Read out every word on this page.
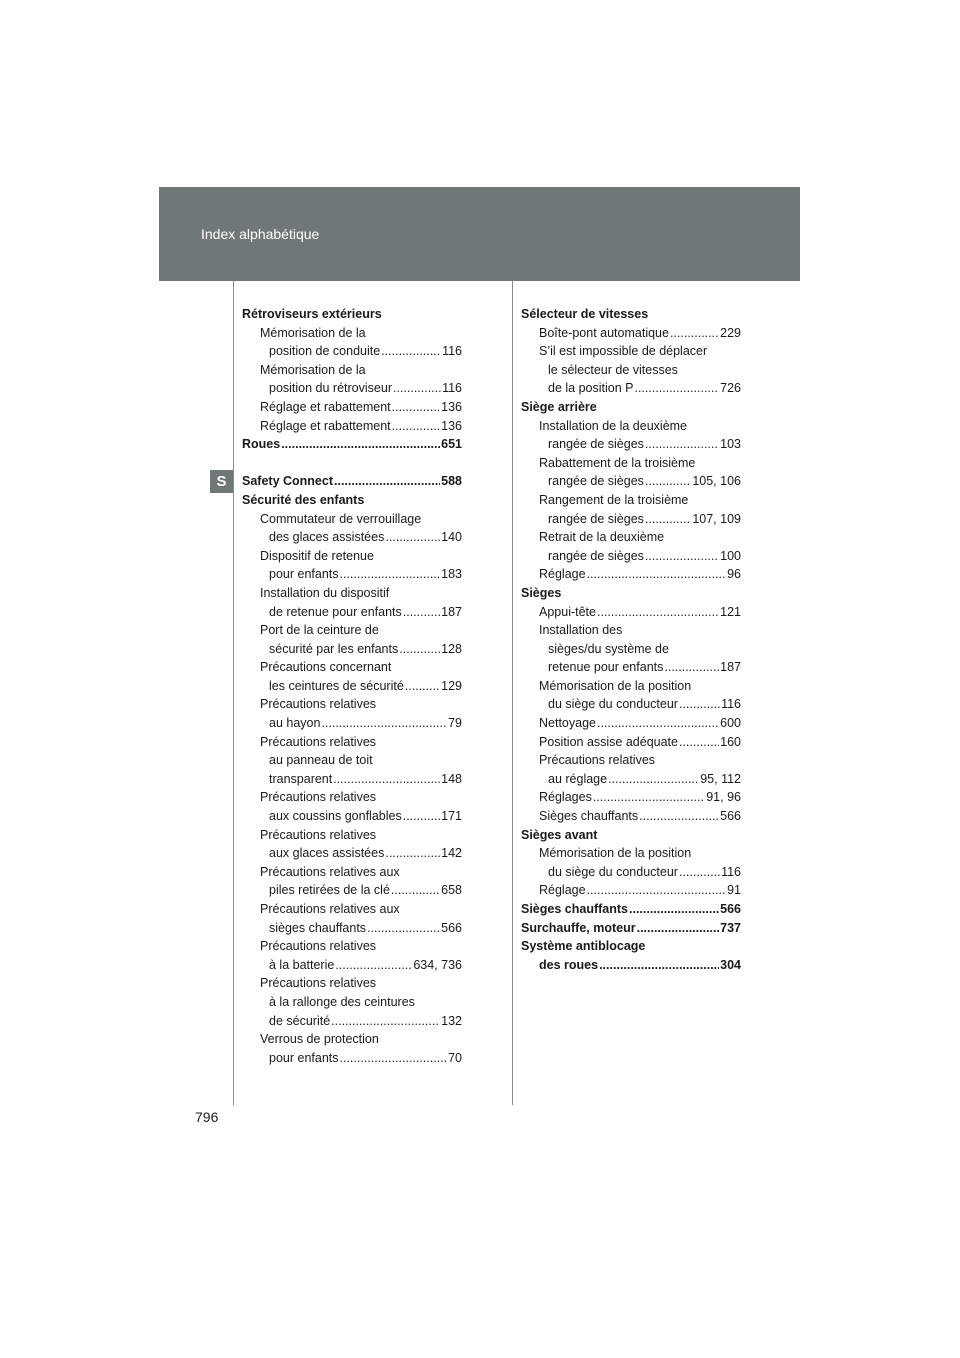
Index alphabétique
S
Rétroviseurs extérieurs
Mémorisation de la
position de conduite .....	116
Mémorisation de la
position du rétroviseur .....	116
Réglage et rabattement .....	136
Réglage et rabattement .....	136
Roues .....	651
Safety Connect .....	588
Sécurité des enfants
Commutateur de verrouillage
des glaces assistées .....	140
Dispositif de retenue
pour enfants .....	183
Installation du dispositif
de retenue pour enfants .....	187
Port de la ceinture de
sécurité par les enfants .....	128
Précautions concernant
les ceintures de sécurité .....	129
Précautions relatives
au hayon .....	79
Précautions relatives
au panneau de toit
transparent .....	148
Précautions relatives
aux coussins gonflables .....	171
Précautions relatives
aux glaces assistées .....	142
Précautions relatives aux
piles retirées de la clé .....	658
Précautions relatives aux
sièges chauffants .....	566
Précautions relatives
à la batterie .....	634, 736
Précautions relatives
à la rallonge des ceintures
de sécurité .....	132
Verrous de protection
pour enfants .....	70
Sélecteur de vitesses
Boîte-pont automatique .....	229
S’il est impossible de déplacer
le sélecteur de vitesses
de la position P .....	726
Siège arrière
Installation de la deuxième
rangée de sièges .....	103
Rabattement de la troisième
rangée de sièges .....	105, 106
Rangement de la troisième
rangée de sièges .....	107, 109
Retrait de la deuxième
rangée de sièges .....	100
Réglage .....	96
Sièges
Appui-tête .....	121
Installation des
sièges/du système de
retenue pour enfants .....	187
Mémorisation de la position
du siège du conducteur .....	116
Nettoyage .....	600
Position assise adéquate .....	160
Précautions relatives
au réglage .....	95, 112
Réglages .....	91, 96
Sièges chauffants .....	566
Sièges avant
Mémorisation de la position
du siège du conducteur .....	116
Réglage .....	91
Sièges chauffants .....	566
Surchauffe, moteur .....	737
Système antiblocage
des roues .....	304
796
